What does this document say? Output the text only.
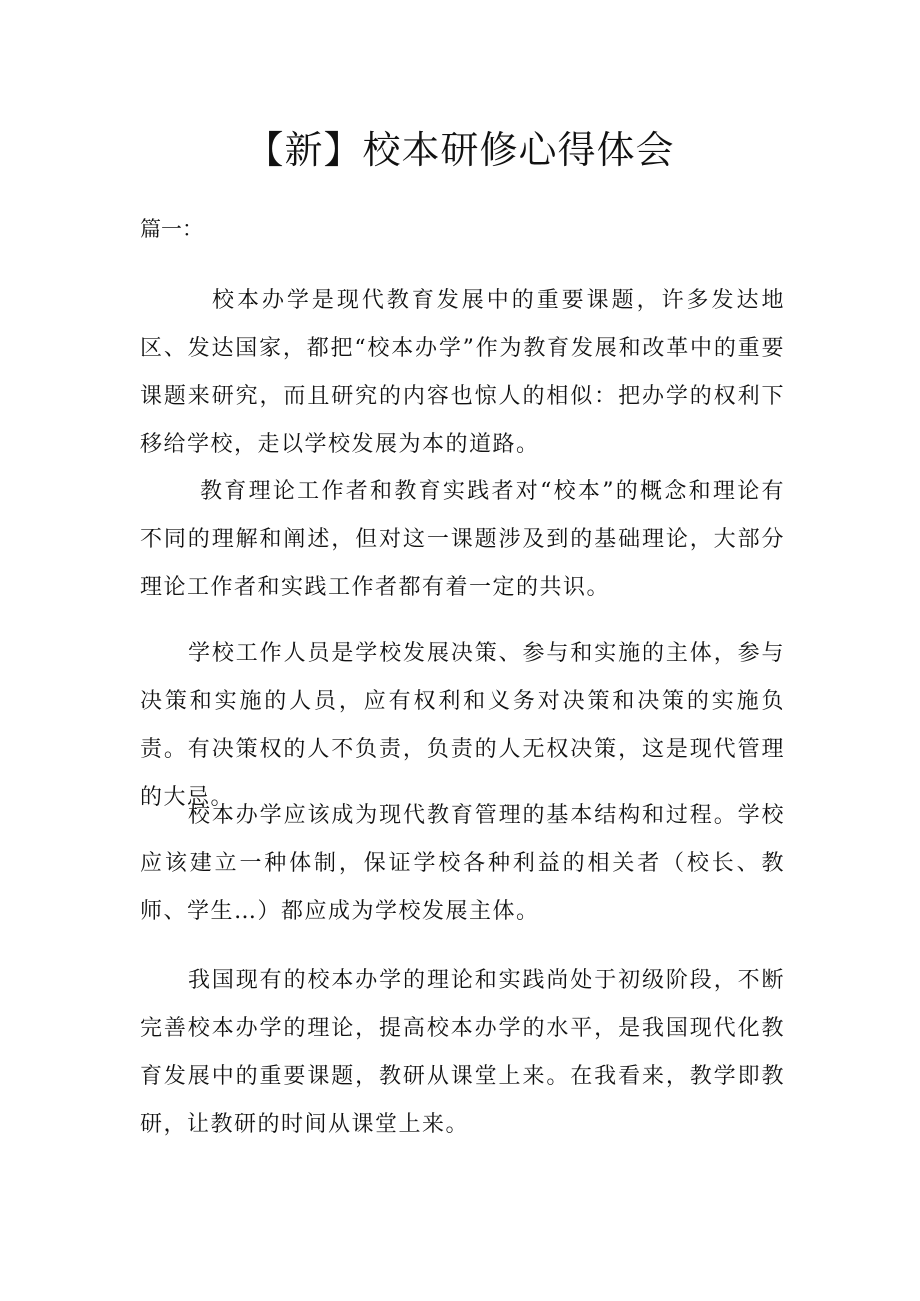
【新】校本研修心得体会
篇一：

校本办学是现代教育发展中的重要课题，许多发达地区、发达国家，都把“校本办学”作为教育发展和改革中的重要课题来研究，而且研究的内容也惊人的相似：把办学的权利下移给学校，走以学校发展为本的道路。

教育理论工作者和教育实践者对“校本”的概念和理论有不同的理解和阐述，但对这一课题涉及到的基础理论，大部分理论工作者和实践工作者都有着一定的共识。

学校工作人员是学校发展决策、参与和实施的主体，参与决策和实施的人员，应有权利和义务对决策和决策的实施负责。有决策权的人不负责，负责的人无权决策，这是现代管理的大忌。

校本办学应该成为现代教育管理的基本结构和过程。学校应该建立一种体制，保证学校各种利益的相关者（校长、教师、学生…）都应成为学校发展主体。

我国现有的校本办学的理论和实践尚处于初级阶段，不断完善校本办学的理论，提高校本办学的水平，是我国现代化教育发展中的重要课题，教研从课堂上来。在我看来，教学即教研，让教研的时间从课堂上来。
